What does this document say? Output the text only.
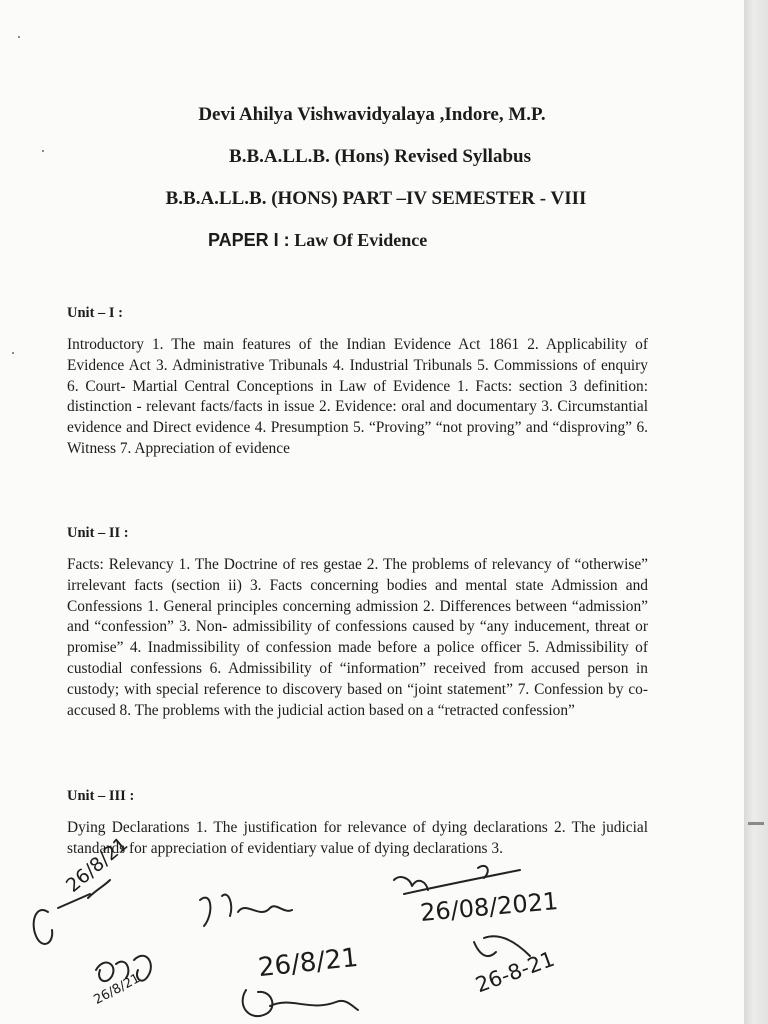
Devi Ahilya Vishwavidyalaya ,Indore, M.P.
B.B.A.LL.B. (Hons) Revised Syllabus
B.B.A.LL.B. (HONS) PART –IV SEMESTER - VIII
PAPER I : Law Of Evidence
Unit – I :

Introductory 1. The main features of the Indian Evidence Act 1861 2. Applicability of Evidence Act 3. Administrative Tribunals 4. Industrial Tribunals 5. Commissions of enquiry 6. Court- Martial Central Conceptions in Law of Evidence 1. Facts: section 3 definition: distinction - relevant facts/facts in issue 2. Evidence: oral and documentary 3. Circumstantial evidence and Direct evidence 4. Presumption 5. “Proving” “not proving” and “disproving” 6. Witness 7. Appreciation of evidence

Unit – II :

Facts: Relevancy 1. The Doctrine of res gestae 2. The problems of relevancy of “otherwise” irrelevant facts (section ii) 3. Facts concerning bodies and mental state Admission and Confessions 1. General principles concerning admission 2. Differences between “admission” and “confession” 3. Non- admissibility of confessions caused by “any inducement, threat or promise” 4. Inadmissibility of confession made before a police officer 5. Admissibility of custodial confessions 6. Admissibility of “information” received from accused person in custody; with special reference to discovery based on “joint statement” 7. Confession by co-accused 8. The problems with the judicial action based on a “retracted confession”

Unit – III :

Dying Declarations 1. The justification for relevance of dying declarations 2. The judicial standards for appreciation of evidentiary value of dying declarations 3.

26/8/21
26/8/21
26/8/21
26/08/2021
26-8-21
